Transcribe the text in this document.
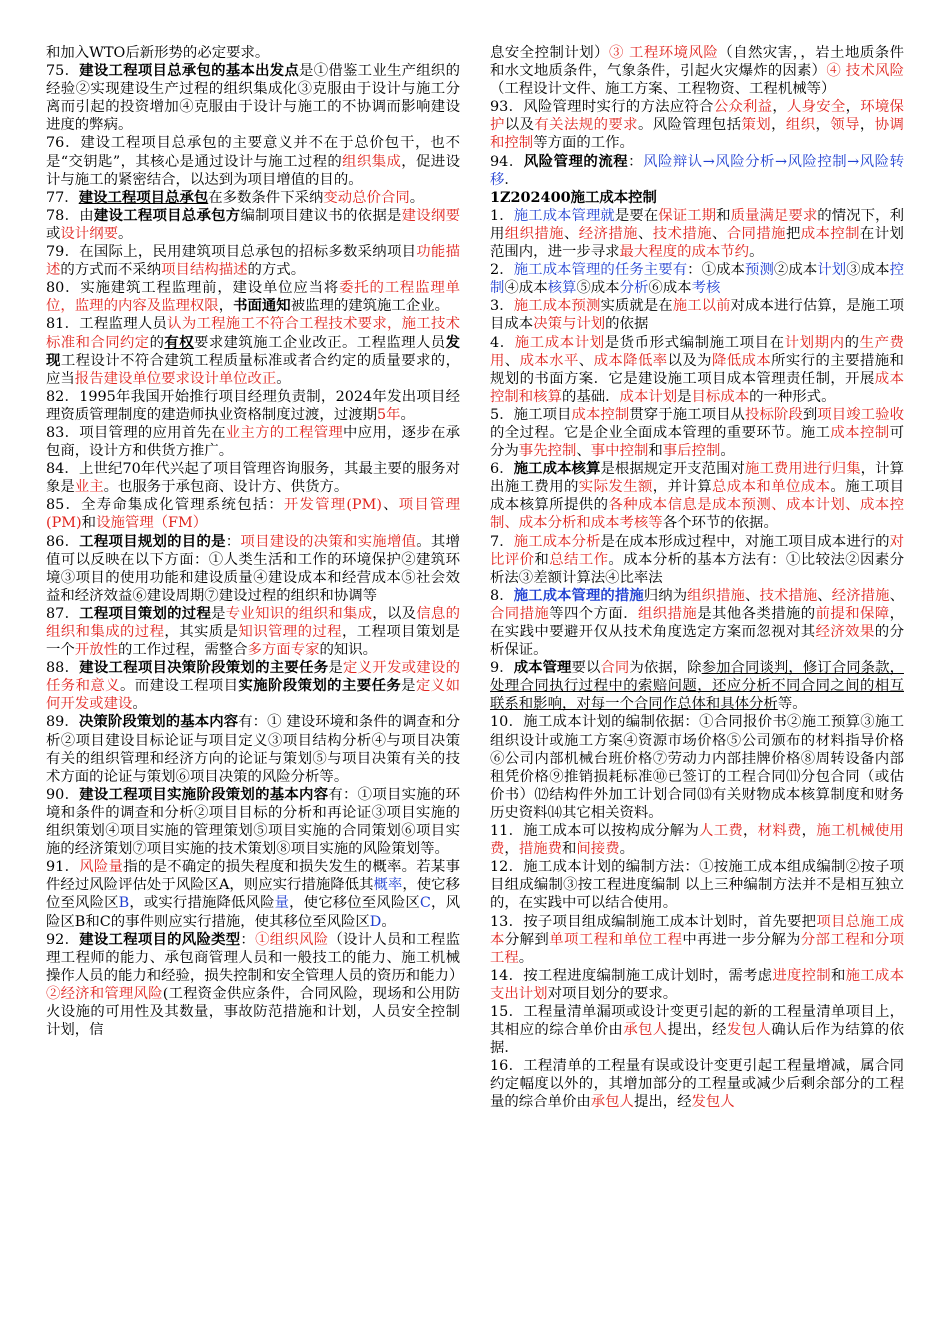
和加入WTO后新形势的必定要求。

75．建设工程项目总承包的基本出发点是①借鉴工业生产组织的经验②实现建设生产过程的组织集成化③克服由于设计与施工分离而引起的投资增加④克服由于设计与施工的不协调而影响建设进度的弊病。

76．建设工程项目总承包的主要意义并不在于总价包干，也不是“交钥匙”，其核心是通过设计与施工过程的组织集成，促进设计与施工的紧密结合，以达到为项目增值的目的。

77．建设工程项目总承包在多数条件下采纳变动总价合同。

78．由建设工程项目总承包方编制项目建议书的依据是建设纲要或设计纲要。

79．在国际上，民用建筑项目总承包的招标多数采纳项目功能描述的方式而不采纳项目结构描述的方式。

80．实施建筑工程监理前，建设单位应当将委托的工程监理单位，监理的内容及监理权限，书面通知被监理的建筑施工企业。

81．工程监理人员认为工程施工不符合工程技术要求，施工技术标准和合同约定的有权要求建筑施工企业改正。工程监理人员发现工程设计不符合建筑工程质量标准或者合约定的质量要求的，应当报告建设单位要求设计单位改正。

82．1995年我国开始推行项目经理负责制，2024年发出项目经理资质管理制度的建造师执业资格制度过渡，过渡期5年。

83．项目管理的应用首先在业主方的工程管理中应用，逐步在承包商，设计方和供货方推广。

84．上世纪70年代兴起了项目管理咨询服务，其最主要的服务对象是业主。也服务于承包商、设计方、供货方。

85．全寿命集成化管理系统包括：开发管理(PM)、项目管理(PM)和设施管理（FM）

86．工程项目规划的目的是：项目建设的决策和实施增值。其增值可以反映在以下方面：①人类生活和工作的环境保护②建筑环境③项目的使用功能和建设质量④建设成本和经营成本⑤社会效益和经济效益⑥建设周期⑦建设过程的组织和协调等

87．工程项目策划的过程是专业知识的组织和集成，以及信息的组织和集成的过程，其实质是知识管理的过程，工程项目策划是一个开放性的工作过程，需整合多方面专家的知识。

88．建设工程项目决策阶段策划的主要任务是定义开发或建设的任务和意义。而建设工程项目实施阶段策划的主要任务是定义如何开发或建设。

89．决策阶段策划的基本内容有：① 建设环境和条件的调查和分析②项目建设目标论证与项目定义③项目结构分析④与项目决策有关的组织管理和经济方向的论证与策划⑤与项目决策有关的技术方面的论证与策划⑥项目决策的风险分析等。

90．建设工程项目实施阶段策划的基本内容有：①项目实施的环境和条件的调查和分析②项目目标的分析和再论证③项目实施的组织策划④项目实施的管理策划⑤项目实施的合同策划⑥项目实施的经济策划⑦项目实施的技术策划⑧项目实施的风险策划等。

91．风险量指的是不确定的损失程度和损失发生的概率。若某事件经过风险评估处于风险区A，则应实行措施降低其概率，使它移位至风险区B，或实行措施降低风险量，使它移位至风险区C，风险区B和C的事件则应实行措施，使其移位至风险区D。

92．建设工程项目的风险类型：①组织风险（设计人员和工程监理工程师的能力、承包商管理人员和一般技工的能力、施工机械操作人员的能力和经验，损失控制和安全管理人员的资历和能力）②经济和管理风险(工程资金供应条件，合同风险，现场和公用防火设施的可用性及其数量，事故防范措施和计划，人员安全控制计划，信

息安全控制计划）③ 工程环境风险（自然灾害，，岩土地质条件和水文地质条件，气象条件，引起火灾爆炸的因素）④ 技术风险（工程设计文件、施工方案、工程物资、工程机械等）

93．风险管理时实行的方法应符合公众利益，人身安全，环境保护以及有关法规的要求。风险管理包括策划，组织，领导，协调和控制等方面的工作。

94．风险管理的流程：风险辩认→风险分析→风险控制→风险转移．

1Z202400施工成本控制

1．施工成本管理就是要在保证工期和质量满足要求的情况下，利用组织措施、经济措施、技术措施、合同措施把成本控制在计划范围内，进一步寻求最大程度的成本节约。

2．施工成本管理的任务主要有：①成本预测②成本计划③成本控制④成本核算⑤成本分析⑥成本考核

3．施工成本预测实质就是在施工以前对成本进行估算，是施工项目成本决策与计划的依据

4．施工成本计划是货币形式编制施工项目在计划期内的生产费用、成本水平、成本降低率以及为降低成本所实行的主要措施和规划的书面方案．它是建设施工项目成本管理责任制，开展成本控制和核算的基础．成本计划是目标成本的一种形式。

5．施工项目成本控制贯穿于施工项目从投标阶段到项目竣工验收的全过程。它是企业全面成本管理的重要环节。施工成本控制可分为事先控制、事中控制和事后控制。

6．施工成本核算是根据规定开支范围对施工费用进行归集，计算出施工费用的实际发生额，并计算总成本和单位成本。施工项目成本核算所提供的各种成本信息是成本预测、成本计划、成本控制、成本分析和成本考核等各个环节的依据。

7．施工成本分析是在成本形成过程中，对施工项目成本进行的对比评价和总结工作。成本分析的基本方法有：①比较法②因素分析法③差额计算法④比率法

8．施工成本管理的措施归纳为组织措施、技术措施、经济措施、合同措施等四个方面．组织措施是其他各类措施的前提和保障，在实践中要避开仅从技术角度选定方案而忽视对其经济效果的分析保证。

9．成本管理要以合同为依据，除参加合同谈判，修订合同条款，处理合同执行过程中的索赔问题，还应分析不同合同之间的相互联系和影响，对每一个合同作总体和具体分析等。

10．施工成本计划的编制依据：①合同报价书②施工预算③施工组织设计或施工方案④资源市场价格⑤公司颁布的材料指导价格⑥公司内部机械台班价格⑦劳动力内部挂牌价格⑧周转设备内部租凭价格⑨推销损耗标准⑩已签订的工程合同⑾分包合同（或估价书）⑿结构件外加工计划合同⒀有关财物成本核算制度和财务历史资料⒁其它相关资料。

11．施工成本可以按构成分解为人工费，材料费，施工机械使用费，措施费和间接费。

12．施工成本计划的编制方法：①按施工成本组成编制②按子项目组成编制③按工程进度编制 以上三种编制方法并不是相互独立的，在实践中可以结合使用。

13．按子项目组成编制施工成本计划时，首先要把项目总施工成本分解到单项工程和单位工程中再进一步分解为分部工程和分项工程。

14．按工程进度编制施工成计划时，需考虑进度控制和施工成本支出计划对项目划分的要求。

15．工程量清单漏项或设计变更引起的新的工程量清单项目上，其相应的综合单价由承包人提出，经发包人确认后作为结算的依据．

16．工程清单的工程量有误或设计变更引起工程量增减，属合同约定幅度以外的，其增加部分的工程量或减少后剩余部分的工程量的综合单价由承包人提出，经发包人
